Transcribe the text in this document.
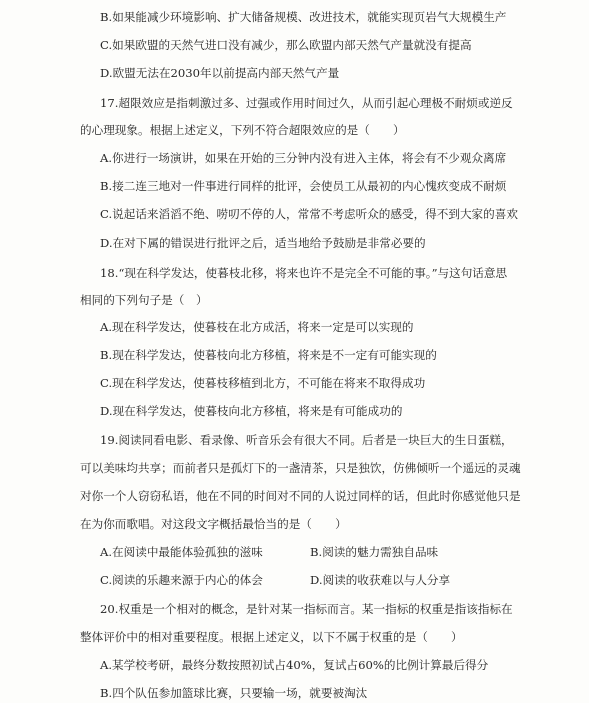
B.如果能减少环境影响、扩大储备规模、改进技术，就能实现页岩气大规模生产
C.如果欧盟的天然气进口没有减少，那么欧盟内部天然气产量就没有提高
D.欧盟无法在2030年以前提高内部天然气产量
17.超限效应是指刺激过多、过强或作用时间过久，从而引起心理极不耐烦或逆反
的心理现象。根据上述定义，下列不符合超限效应的是（　　）
A.你进行一场演讲，如果在开始的三分钟内没有进入主体，将会有不少观众离席
B.接二连三地对一件事进行同样的批评，会使员工从最初的内心愧疚变成不耐烦
C.说起话来滔滔不绝、唠叨不停的人，常常不考虑听众的感受，得不到大家的喜欢
D.在对下属的错误进行批评之后，适当地给予鼓励是非常必要的
18.“现在科学发达，使暮枝北移，将来也许不是完全不可能的事。”与这句话意思
相同的下列句子是（　）
A.现在科学发达，使暮枝在北方成活，将来一定是可以实现的
B.现在科学发达，使暮枝向北方移植，将来是不一定有可能实现的
C.现在科学发达，使暮枝移植到北方，不可能在将来不取得成功
D.现在科学发达，使暮枝向北方移植，将来是有可能成功的
19.阅读同看电影、看录像、听音乐会有很大不同。后者是一块巨大的生日蛋糕，
可以美味均共享；而前者只是孤灯下的一盏清茶，只是独饮，仿佛倾听一个遥远的灵魂
对你一个人窃窃私语，他在不同的时间对不同的人说过同样的话，但此时你感觉他只是
在为你而歌唱。对这段文字概括最恰当的是（　　）
A.在阅读中最能体验孤独的滋味	B.阅读的魅力需独自品味
C.阅读的乐趣来源于内心的体会	D.阅读的收获难以与人分享
20.权重是一个相对的概念，是针对某一指标而言。某一指标的权重是指该指标在
整体评价中的相对重要程度。根据上述定义，以下不属于权重的是（　　）
A.某学校考研，最终分数按照初试占40%，复试占60%的比例计算最后得分
B.四个队伍参加篮球比赛，只要输一场，就要被淘汰
